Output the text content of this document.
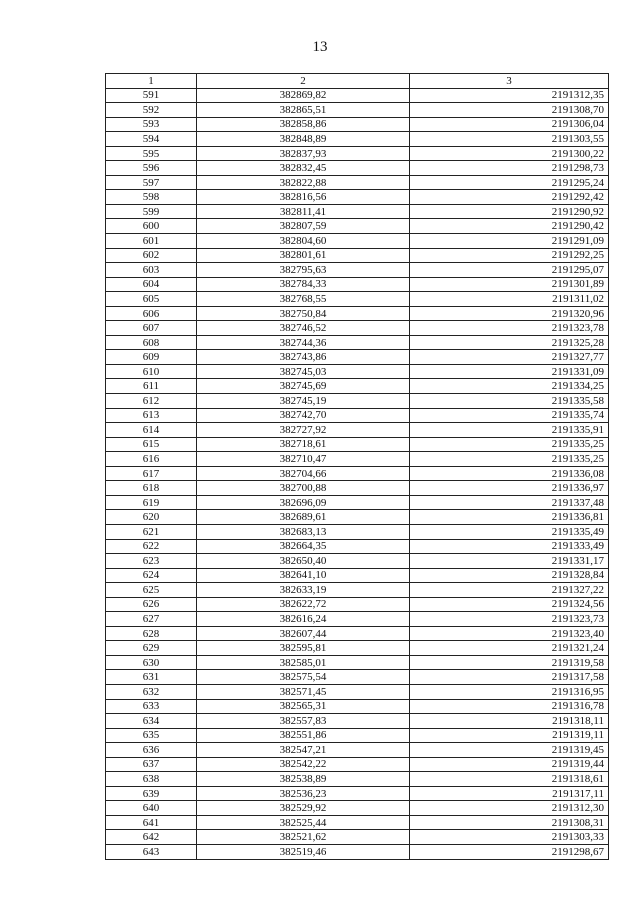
13
1	2	3
591	382869,82	2191312,35
592	382865,51	2191308,70
593	382858,86	2191306,04
594	382848,89	2191303,55
595	382837,93	2191300,22
596	382832,45	2191298,73
597	382822,88	2191295,24
598	382816,56	2191292,42
599	382811,41	2191290,92
600	382807,59	2191290,42
601	382804,60	2191291,09
602	382801,61	2191292,25
603	382795,63	2191295,07
604	382784,33	2191301,89
605	382768,55	2191311,02
606	382750,84	2191320,96
607	382746,52	2191323,78
608	382744,36	2191325,28
609	382743,86	2191327,77
610	382745,03	2191331,09
611	382745,69	2191334,25
612	382745,19	2191335,58
613	382742,70	2191335,74
614	382727,92	2191335,91
615	382718,61	2191335,25
616	382710,47	2191335,25
617	382704,66	2191336,08
618	382700,88	2191336,97
619	382696,09	2191337,48
620	382689,61	2191336,81
621	382683,13	2191335,49
622	382664,35	2191333,49
623	382650,40	2191331,17
624	382641,10	2191328,84
625	382633,19	2191327,22
626	382622,72	2191324,56
627	382616,24	2191323,73
628	382607,44	2191323,40
629	382595,81	2191321,24
630	382585,01	2191319,58
631	382575,54	2191317,58
632	382571,45	2191316,95
633	382565,31	2191316,78
634	382557,83	2191318,11
635	382551,86	2191319,11
636	382547,21	2191319,45
637	382542,22	2191319,44
638	382538,89	2191318,61
639	382536,23	2191317,11
640	382529,92	2191312,30
641	382525,44	2191308,31
642	382521,62	2191303,33
643	382519,46	2191298,67
